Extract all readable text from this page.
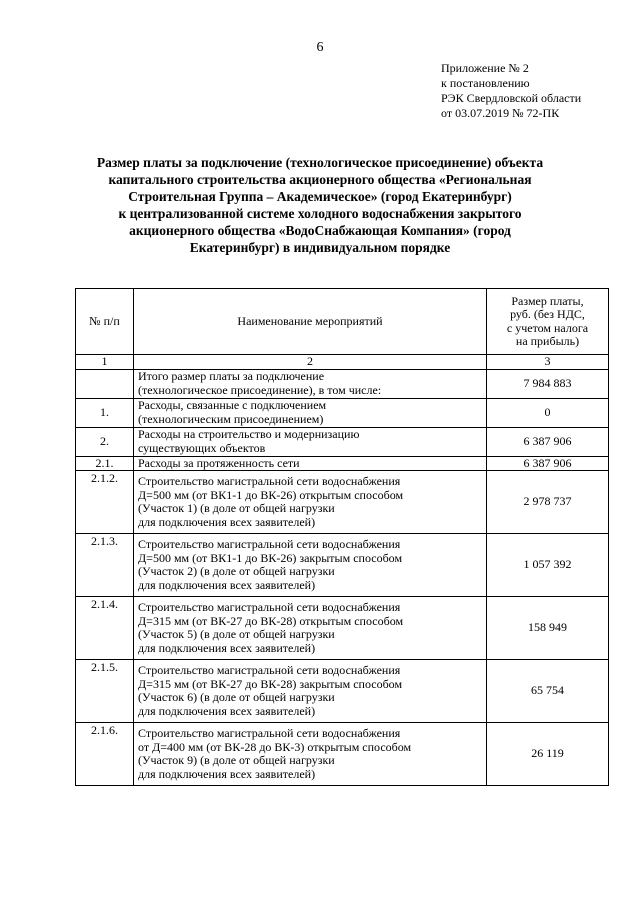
6
Приложение № 2
к постановлению
РЭК Свердловской области
от 03.07.2019 № 72-ПК
Размер платы за подключение (технологическое присоединение) объекта
капитального строительства акционерного общества «Региональная
Строительная Группа – Академическое» (город Екатеринбург)
к централизованной системе холодного водоснабжения закрытого
акционерного общества «ВодоСнабжающая Компания» (город
Екатеринбург) в индивидуальном порядке
№ п/п	Наименование мероприятий	Размер платы,
руб. (без НДС,
с учетом налога
на прибыль)

1	2	3

	Итого размер платы за подключение
(технологическое присоединение), в том числе:	7 984 883
1.	Расходы, связанные с подключением
(технологическим присоединением)	0
2.	Расходы на строительство и модернизацию
существующих объектов	6 387 906
2.1.	Расходы за протяженность сети	6 387 906
2.1.2.	Строительство магистральной сети водоснабжения
Д=500 мм (от ВК1-1 до ВК-26) открытым способом
(Участок 1) (в доле от общей нагрузки
для подключения всех заявителей)	2 978 737
2.1.3.	Строительство магистральной сети водоснабжения
Д=500 мм (от ВК1-1 до ВК-26) закрытым способом
(Участок 2) (в доле от общей нагрузки
для подключения всех заявителей)	1 057 392
2.1.4.	Строительство магистральной сети водоснабжения
Д=315 мм (от ВК-27 до ВК-28) открытым способом
(Участок 5) (в доле от общей нагрузки
для подключения всех заявителей)	158 949
2.1.5.	Строительство магистральной сети водоснабжения
Д=315 мм (от ВК-27 до ВК-28) закрытым способом
(Участок 6) (в доле от общей нагрузки
для подключения всех заявителей)	65 754
2.1.6.	Строительство магистральной сети водоснабжения
от Д=400 мм (от ВК-28 до ВК-3) открытым способом
(Участок 9) (в доле от общей нагрузки
для подключения всех заявителей)	26 119
